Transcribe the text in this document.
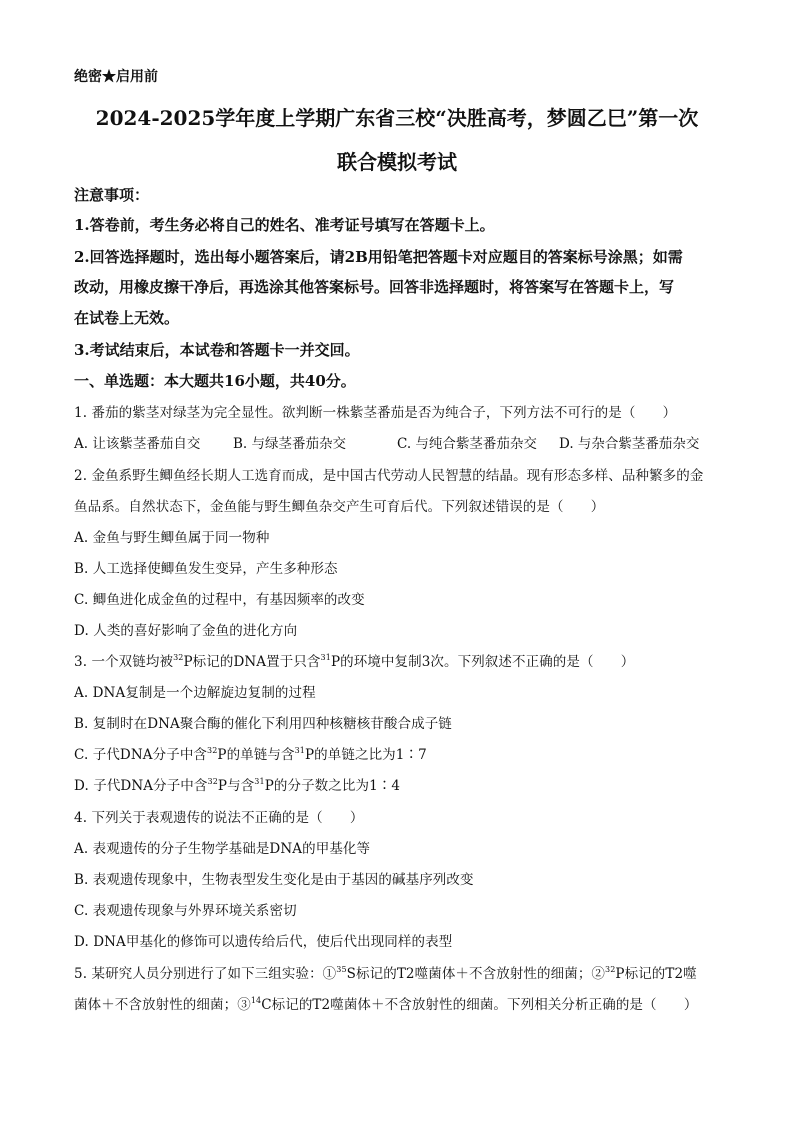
绝密★启用前
2024-2025学年度上学期广东省三校“决胜高考，梦圆乙巳”第一次
联合模拟考试
注意事项：
1.答卷前，考生务必将自己的姓名、准考证号填写在答题卡上。
2.回答选择题时，选出每小题答案后，请2B用铅笔把答题卡对应题目的答案标号涂黑；如需
改动，用橡皮擦干净后，再选涂其他答案标号。回答非选择题时，将答案写在答题卡上，写
在试卷上无效。
3.考试结束后，本试卷和答题卡一并交回。
一、单选题：本大题共16小题，共40分。
1. 番茄的紫茎对绿茎为完全显性。欲判断一株紫茎番茄是否为纯合子，下列方法不可行的是（　　）
A. 让该紫茎番茄自交 B. 与绿茎番茄杂交	C. 与纯合紫茎番茄杂交 D. 与杂合紫茎番茄杂交
2. 金鱼系野生鲫鱼经长期人工选育而成，是中国古代劳动人民智慧的结晶。现有形态多样、品种繁多的金
鱼品系。自然状态下，金鱼能与野生鲫鱼杂交产生可育后代。下列叙述错误的是（　　）
A. 金鱼与野生鲫鱼属于同一物种
B. 人工选择使鲫鱼发生变异，产生多种形态
C. 鲫鱼进化成金鱼的过程中，有基因频率的改变
D. 人类的喜好影响了金鱼的进化方向
3. 一个双链均被$^{32}$P标记的DNA置于只含$^{31}$P的环境中复制3次。下列叙述不正确的是（　　）
A. DNA复制是一个边解旋边复制的过程
B. 复制时在DNA聚合酶的催化下利用四种核糖核苷酸合成子链
C. 子代DNA分子中含$^{32}$P的单链与含$^{31}$P的单链之比为1∶7
D. 子代DNA分子中含$^{32}$P与含$^{31}$P的分子数之比为1∶4
4. 下列关于表观遗传的说法不正确的是（　　）
A. 表观遗传的分子生物学基础是DNA的甲基化等
B. 表观遗传现象中，生物表型发生变化是由于基因的碱基序列改变
C. 表观遗传现象与外界环境关系密切
D. DNA甲基化的修饰可以遗传给后代，使后代出现同样的表型
5. 某研究人员分别进行了如下三组实验：①$^{35}$S标记的T2噬菌体＋不含放射性的细菌；②$^{32}$P标记的T2噬
菌体＋不含放射性的细菌；③$^{14}$C标记的T2噬菌体＋不含放射性的细菌。下列相关分析正确的是（　　）
